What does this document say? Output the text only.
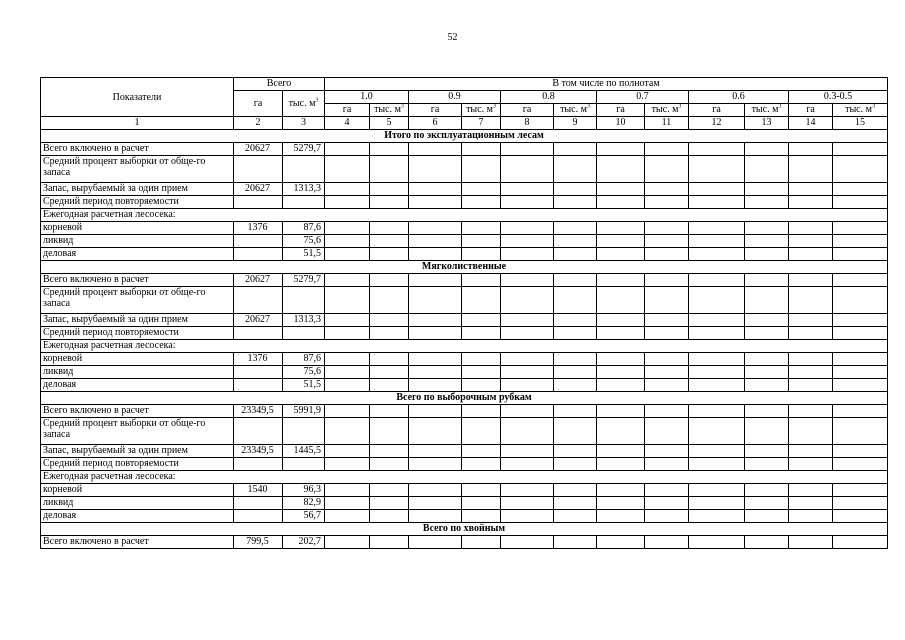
52
Показатели	Всего		В том числе по полнотам											
	га	тыс. $м^3$	1.0		0.9		0.8		0.7		0.6		0.3-0.5	
			га	тыс. $м^3$	га	тыс. $м^3$	га	тыс. $м^3$	га	тыс. $м^3$	га	тыс. $м^3$	га	тыс. $м^3$
1	2	3	4	5	6	7	8	9	10	11	12	13	14	15
Итого по эксплуатационным лесам														
Всего включено в расчет	20627	5279,7												
Средний процент выборки от обще-го запаса														
Запас, вырубаемый за один прием	20627	1313,3												
Средний период повторяемости														
Ежегодная расчетная лесосека:														
корневой	1376	87,6												
ликвид		75,6												
деловая		51,5												
Мягколиственные														
Всего включено в расчет	20627	5279,7												
Средний процент выборки от обще-го запаса														
Запас, вырубаемый за один прием	20627	1313,3												
Средний период повторяемости														
Ежегодная расчетная лесосека:														
корневой	1376	87,6												
ликвид		75,6												
деловая		51,5												
Всего по выборочным рубкам														
Всего включено в расчет	23349,5	5991,9												
Средний процент выборки от обще-го запаса														
Запас, вырубаемый за один прием	23349,5	1445,5												
Средний период повторяемости														
Ежегодная расчетная лесосека:														
корневой	1540	96,3												
ликвид		82,9												
деловая		56,7												
Всего по хвойным														
Всего включено в расчет	799,5	202,7												
